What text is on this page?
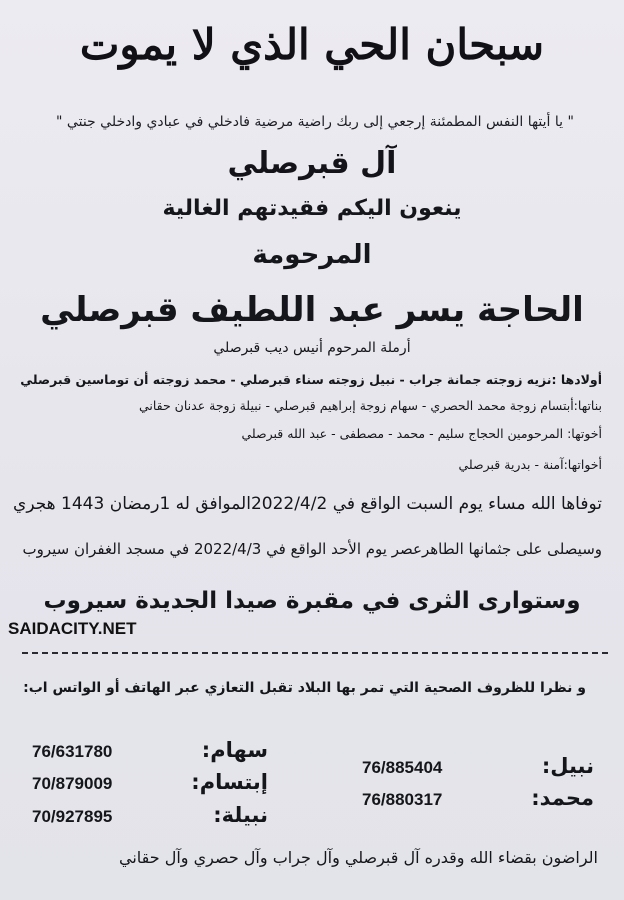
سبحان الحي الذي لا يموت
" يا أيتها النفس المطمئنة إرجعي إلى ربك راضية مرضية فادخلي في عبادي وادخلي جنتي "
آل قبرصلي
ينعون اليكم فقيدتهم الغالية
المرحومة
الحاجة يسر عبد اللطيف قبرصلي
أرملة المرحوم أنيس ديب قبرصلي
أولادها :نزيه زوجته جمانة جراب - نبيل زوجته سناء قبرصلي - محمد زوجته أن توماسين قبرصلي
بناتها:أبتسام زوجة محمد الحصري - سهام زوجة إبراهيم قبرصلي - نبيلة زوجة عدنان حقاني
أخوتها: المرحومين الحجاج سليم - محمد - مصطفى - عبد الله قبرصلي
أخواتها:آمنة - بدرية قبرصلي
توفاها الله مساء يوم السبت الواقع في 2022/4/2الموافق له 1رمضان 1443 هجري
وسيصلى على جثمانها الطاهرعصر يوم الأحد الواقع في 2022/4/3 في مسجد الغفران سيروب
وستوارى الثرى في مقبرة صيدا الجديدة سيروب
SAIDACITY.NET
و نظرا للظروف الصحية التي تمر بها البلاد تقبل التعازي عبر الهاتف أو الواتس اب:
نبيل:
76/885404
محمد:
76/880317
سهام:
76/631780
إبتسام:
70/879009
نبيلة:
70/927895
الراضون بقضاء الله وقدره آل قبرصلي وآل جراب وآل حصري وآل حقاني
